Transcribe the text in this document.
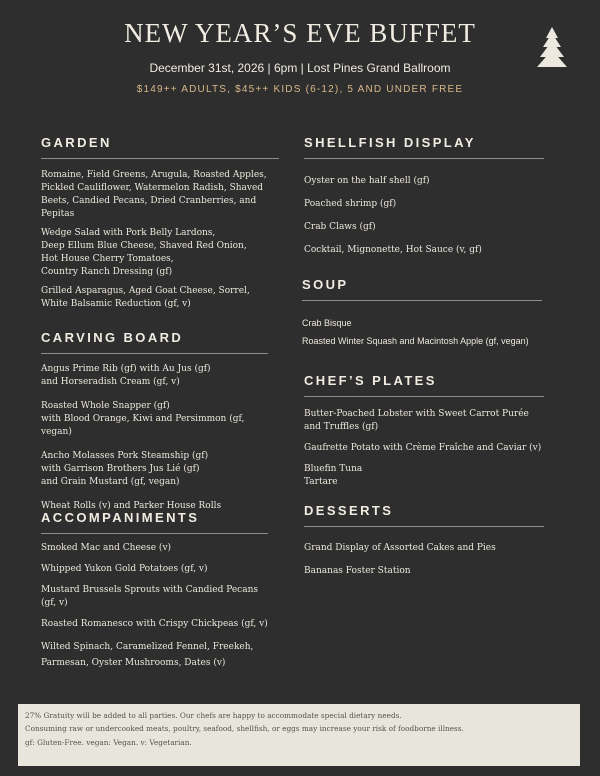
NEW YEAR’S EVE BUFFET
December 31st, 2026 | 6pm | Lost Pines Grand Ballroom
$149++ ADULTS, $45++ KIDS (6-12), 5 AND UNDER FREE
GARDEN
Romaine, Field Greens, Arugula, Roasted Apples,
Pickled Cauliflower, Watermelon Radish, Shaved
Beets, Candied Pecans, Dried Cranberries, and
Pepitas
Wedge Salad with Pork Belly Lardons,
Deep Ellum Blue Cheese, Shaved Red Onion,
Hot House Cherry Tomatoes,
Country Ranch Dressing (gf)
Grilled Asparagus, Aged Goat Cheese, Sorrel,
White Balsamic Reduction (gf, v)
CARVING BOARD
Angus Prime Rib (gf) with Au Jus (gf)
and Horseradish Cream (gf, v)
Roasted Whole Snapper (gf)
with Blood Orange, Kiwi and Persimmon (gf, vegan)
Ancho Molasses Pork Steamship (gf)
with Garrison Brothers Jus Lié (gf)
and Grain Mustard (gf, vegan)
Wheat Rolls (v) and Parker House Rolls
ACCOMPANIMENTS
Smoked Mac and Cheese (v)
Whipped Yukon Gold Potatoes (gf, v)
Mustard Brussels Sprouts with Candied Pecans (gf, v)
Roasted Romanesco with Crispy Chickpeas (gf, v)
Wilted Spinach, Caramelized Fennel, Freekeh,
Parmesan, Oyster Mushrooms, Dates (v)
SHELLFISH DISPLAY
Oyster on the half shell (gf)
Poached shrimp (gf)
Crab Claws (gf)
Cocktail, Mignonette, Hot Sauce (v, gf)
SOUP
Crab Bisque
Roasted Winter Squash and Macintosh Apple (gf, vegan)
CHEF’S PLATES
Butter-Poached Lobster with Sweet Carrot Purée
and Truffles (gf)
Gaufrette Potato with Crème Fraîche and Caviar (v)
Bluefin Tuna
Tartare
DESSERTS
Grand Display of Assorted Cakes and Pies
Bananas Foster Station
27% Gratuity will be added to all parties. Our chefs are happy to accommodate special dietary needs.
Consuming raw or undercooked meats, poultry, seafood, shellfish, or eggs may increase your risk of foodborne illness.
gf: Gluten-Free. vegan: Vegan. v: Vegetarian.
